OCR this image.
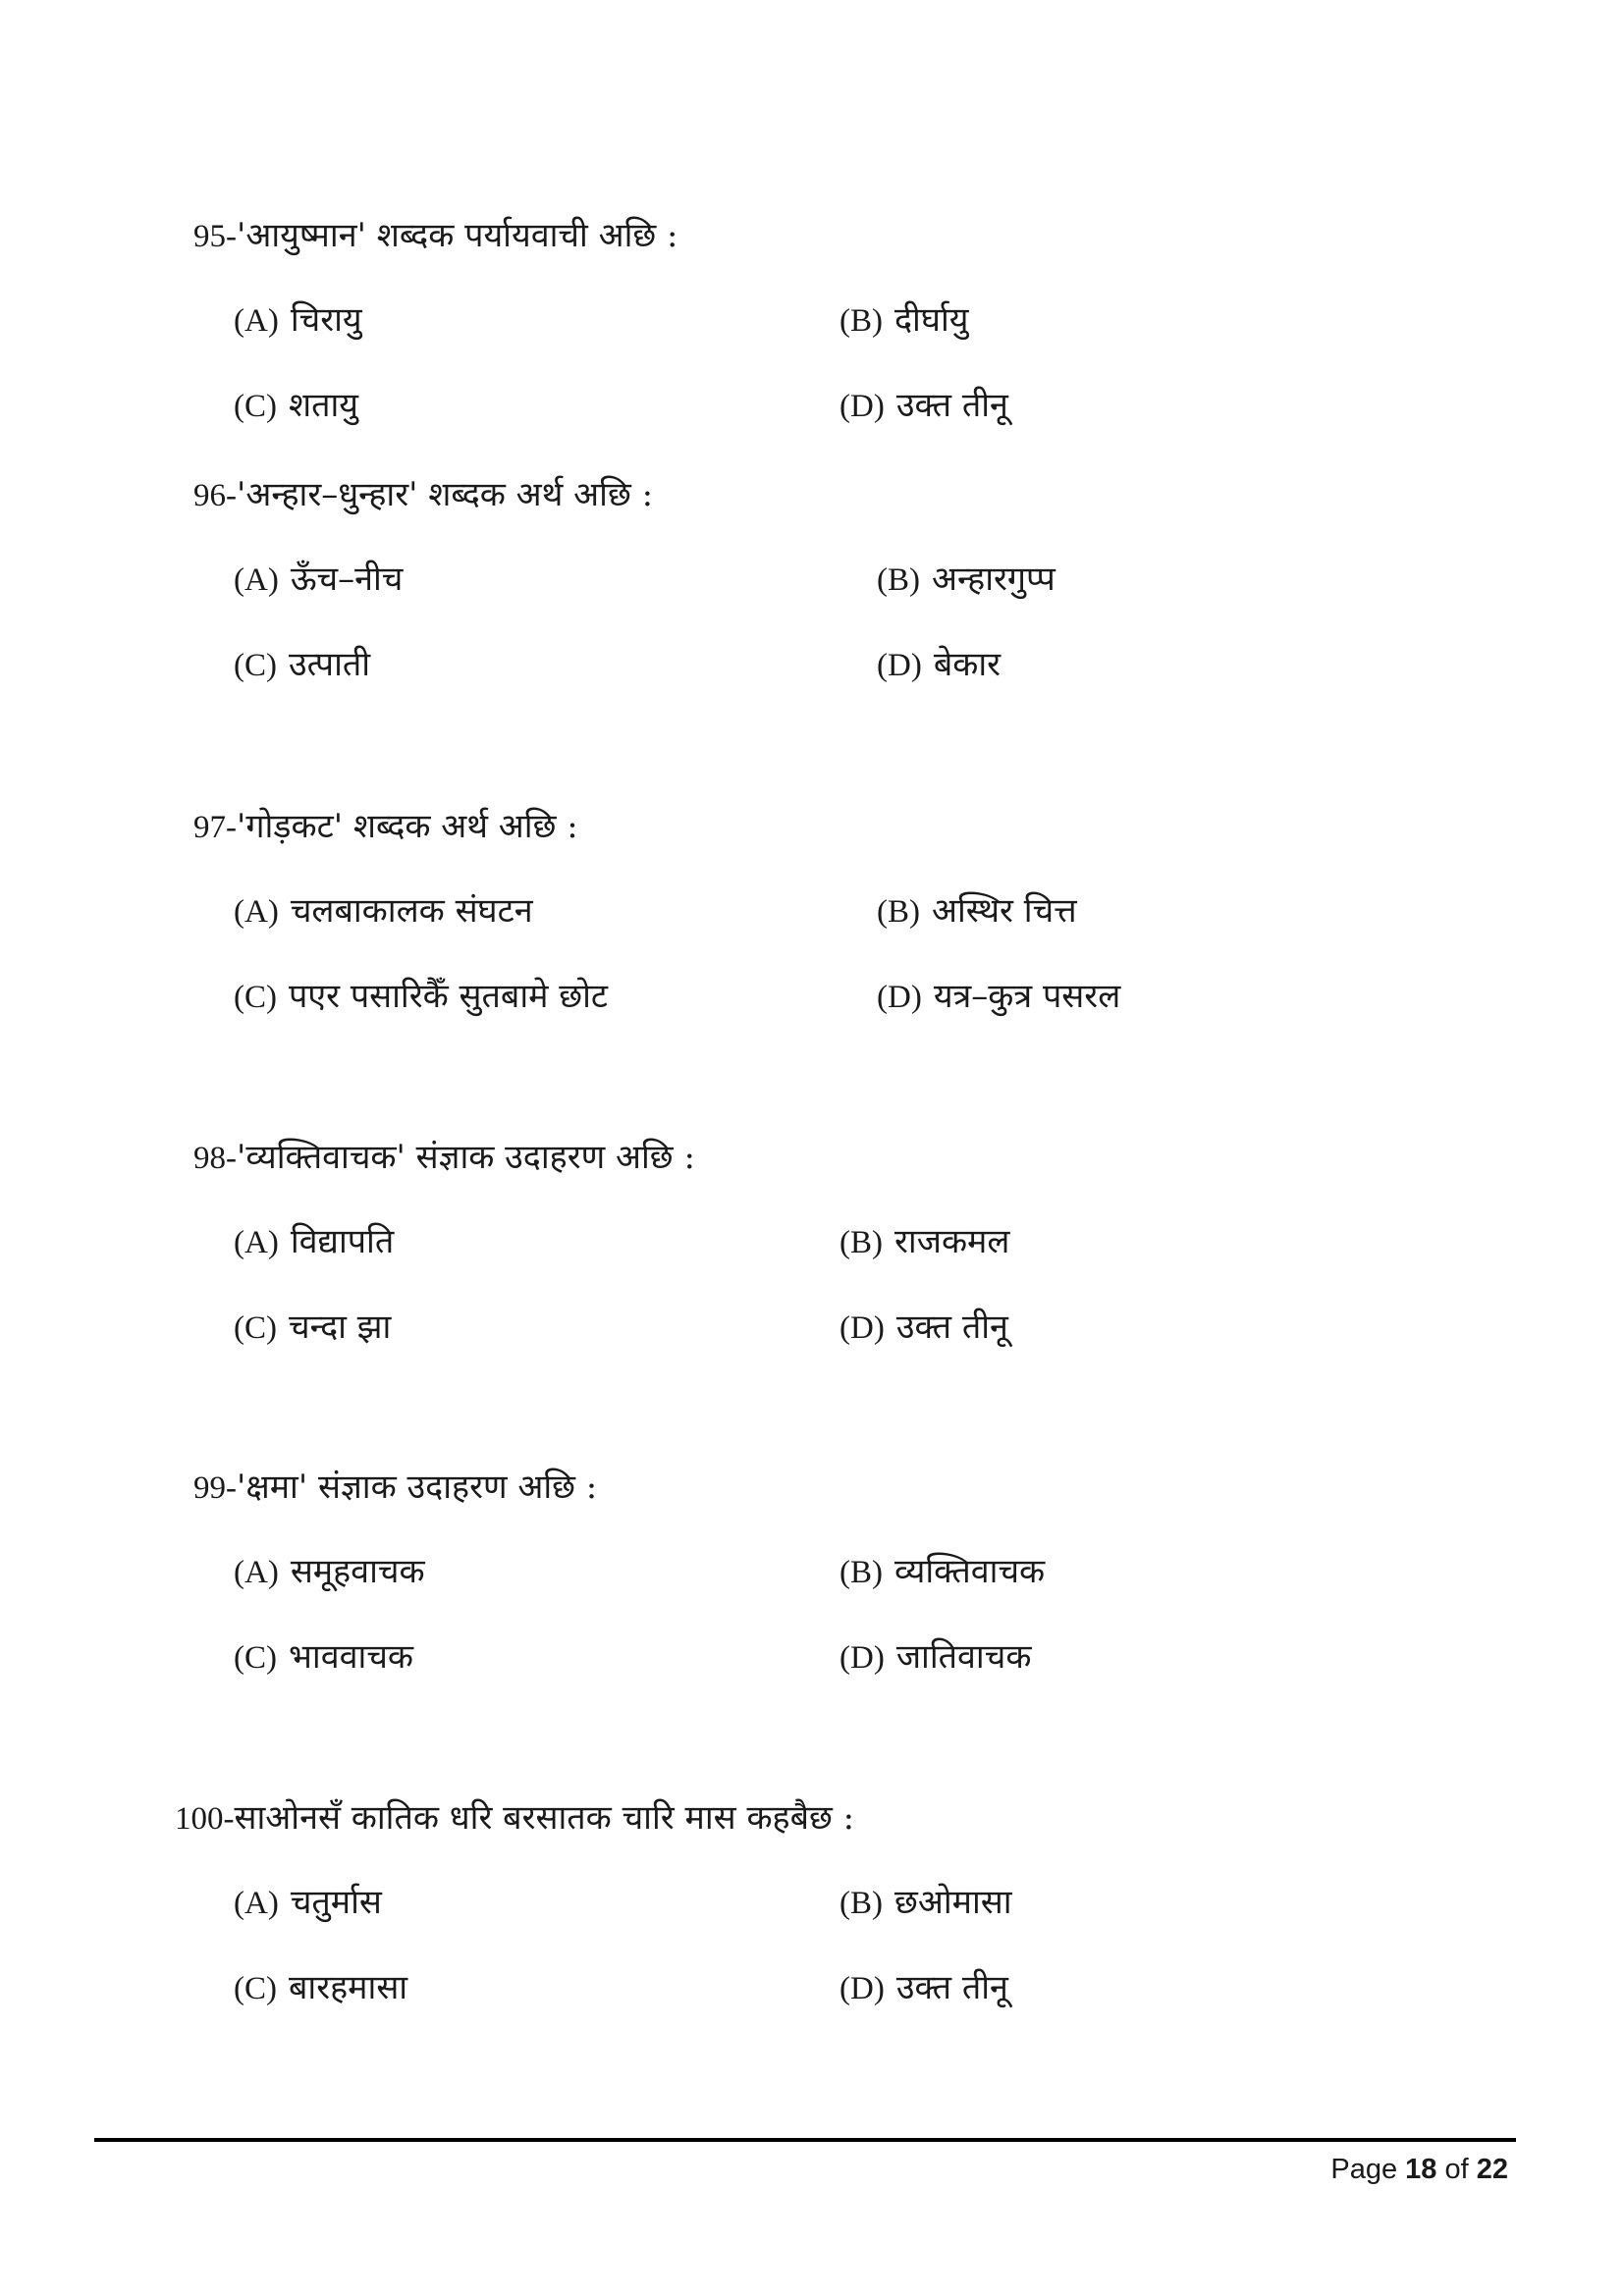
95-'आयुष्मान' शब्दक पर्यायवाची अछि :
(A) चिरायु	(B) दीर्घायु
(C) शतायु	(D) उक्त तीनू
96-'अन्हार–धुन्हार' शब्दक अर्थ अछि :
(A) ऊँच–नीच	(B) अन्हारगुप्प
(C) उत्पाती	(D) बेकार
97-'गोड़कट' शब्दक अर्थ अछि :
(A) चलबाकालक संघटन	(B) अस्थिर चित्त
(C) पएर पसारिकैँ सुतबामे छोट	(D) यत्र–कुत्र पसरल
98-'व्यक्तिवाचक' संज्ञाक उदाहरण अछि :
(A) विद्यापति	(B) राजकमल
(C) चन्दा झा	(D) उक्त तीनू
99-'क्षमा' संज्ञाक उदाहरण अछि :
(A) समूहवाचक	(B) व्यक्तिवाचक
(C) भाववाचक	(D) जातिवाचक
100-साओनसँ कातिक धरि बरसातक चारि मास कहबैछ :
(A) चतुर्मास	(B) छओमासा
(C) बारहमासा	(D) उक्त तीनू
Page 18 of 22
